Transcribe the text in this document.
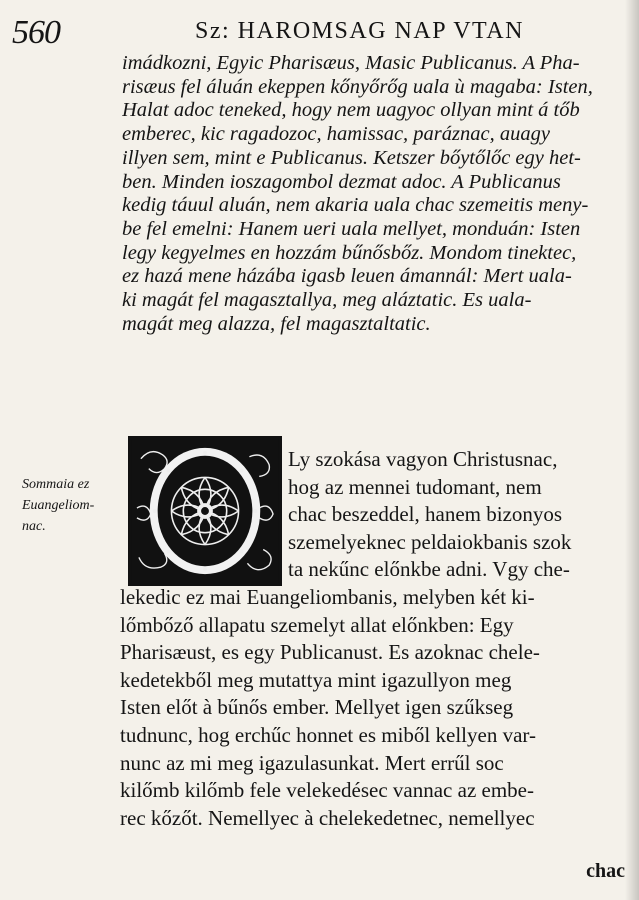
560	Sz: HAROMSAG NAP VTAN
imádkozni, Egyic Pharisæus, Masic Publicanus. A Pha-
risæus fel áluán ekeppen kőnyőrőg uala ù magaba: Isten,
Halat adoc teneked, hogy nem uagyoc ollyan mint á tőb
emberec, kic ragadozoc, hamissac, paráznac, auagy
illyen sem, mint e Publicanus. Ketszer bőytőlőc egy het-
ben. Minden ioszagombol dezmat adoc. A Publicanus
kedig táuul aluán, nem akaria uala chac szemeitis meny-
be fel emelni: Hanem ueri uala mellyet, monduán: Isten
legy kegyelmes en hozzám bűnősbőz. Mondom tinektec,
ez hazá mene házába igasb leuen ámannál: Mert uala-
ki magát fel magasztallya, meg aláztatic. Es uala-
magát meg alazza, fel magasztaltatic.
Sommaia ez
Euangeliom-
nac.
Ly szokása vagyon Christusnac,
hog az mennei tudomant, nem
chac beszeddel, hanem bizonyos
szemelyeknec peldaiokbanis szok
ta nekűnc előnkbe adni. Vgy che-
lekedic ez mai Euangeliombanis, melyben két ki-
lőmbőző allapatu szemelyt allat előnkben: Egy
Pharisæust, es egy Publicanust. Es azoknac chele-
kedetekből meg mutattya mint igazullyon meg
Isten előt à bűnős ember. Mellyet igen szűkseg
tudnunc, hog erchűc honnet es miből kellyen var-
nunc az mi meg igazulasunkat. Mert errűl soc
kilőmb kilőmb fele velekedésec vannac az embe-
rec kőzőt. Nemellyec à chelekedetnec, nemellyec
chac
